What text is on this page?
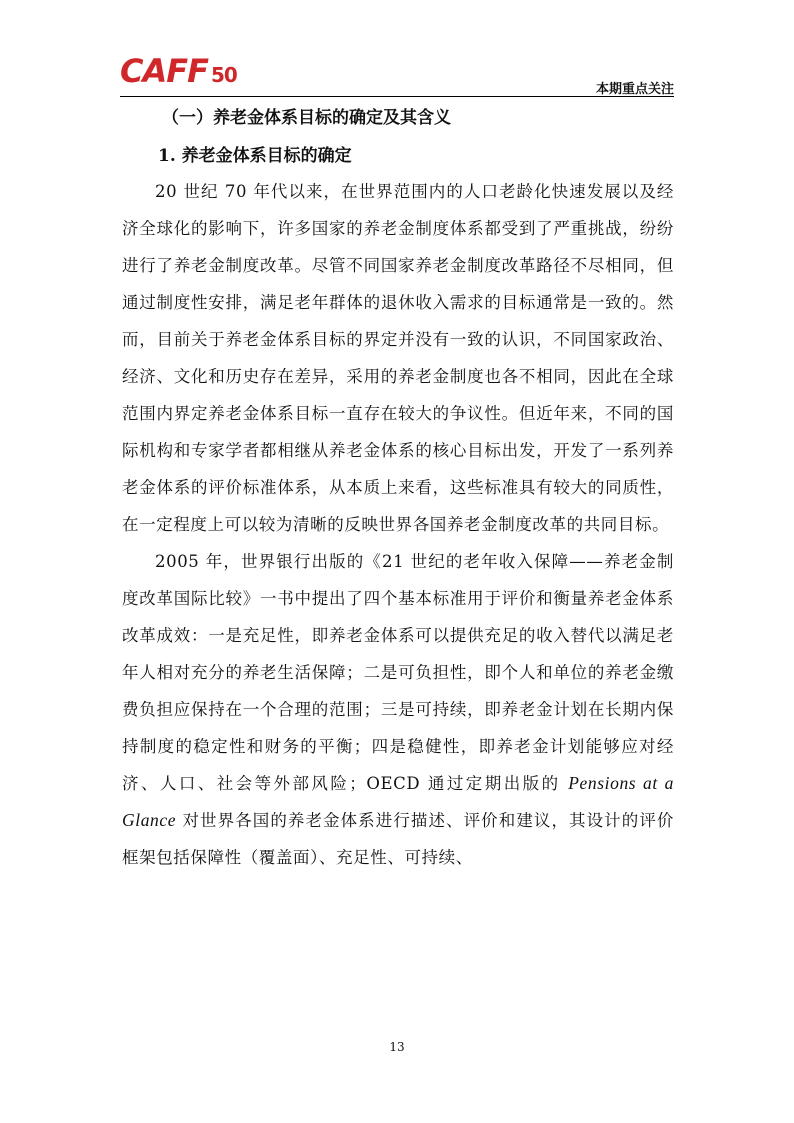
CAFF 50
本期重点关注
（一）养老金体系目标的确定及其含义
1. 养老金体系目标的确定

20 世纪 70 年代以来，在世界范围内的人口老龄化快速发展以及经济全球化的影响下，许多国家的养老金制度体系都受到了严重挑战，纷纷进行了养老金制度改革。尽管不同国家养老金制度改革路径不尽相同，但通过制度性安排，满足老年群体的退休收入需求的目标通常是一致的。然而，目前关于养老金体系目标的界定并没有一致的认识，不同国家政治、经济、文化和历史存在差异，采用的养老金制度也各不相同，因此在全球范围内界定养老金体系目标一直存在较大的争议性。但近年来，不同的国际机构和专家学者都相继从养老金体系的核心目标出发，开发了一系列养老金体系的评价标准体系，从本质上来看，这些标准具有较大的同质性，在一定程度上可以较为清晰的反映世界各国养老金制度改革的共同目标。

2005 年，世界银行出版的《21 世纪的老年收入保障——养老金制度改革国际比较》一书中提出了四个基本标准用于评价和衡量养老金体系改革成效：一是充足性，即养老金体系可以提供充足的收入替代以满足老年人相对充分的养老生活保障；二是可负担性，即个人和单位的养老金缴费负担应保持在一个合理的范围；三是可持续，即养老金计划在长期内保持制度的稳定性和财务的平衡；四是稳健性，即养老金计划能够应对经济、人口、社会等外部风险；OECD 通过定期出版的 Pensions at a Glance 对世界各国的养老金体系进行描述、评价和建议，其设计的评价框架包括保障性（覆盖面）、充足性、可持续、

13
